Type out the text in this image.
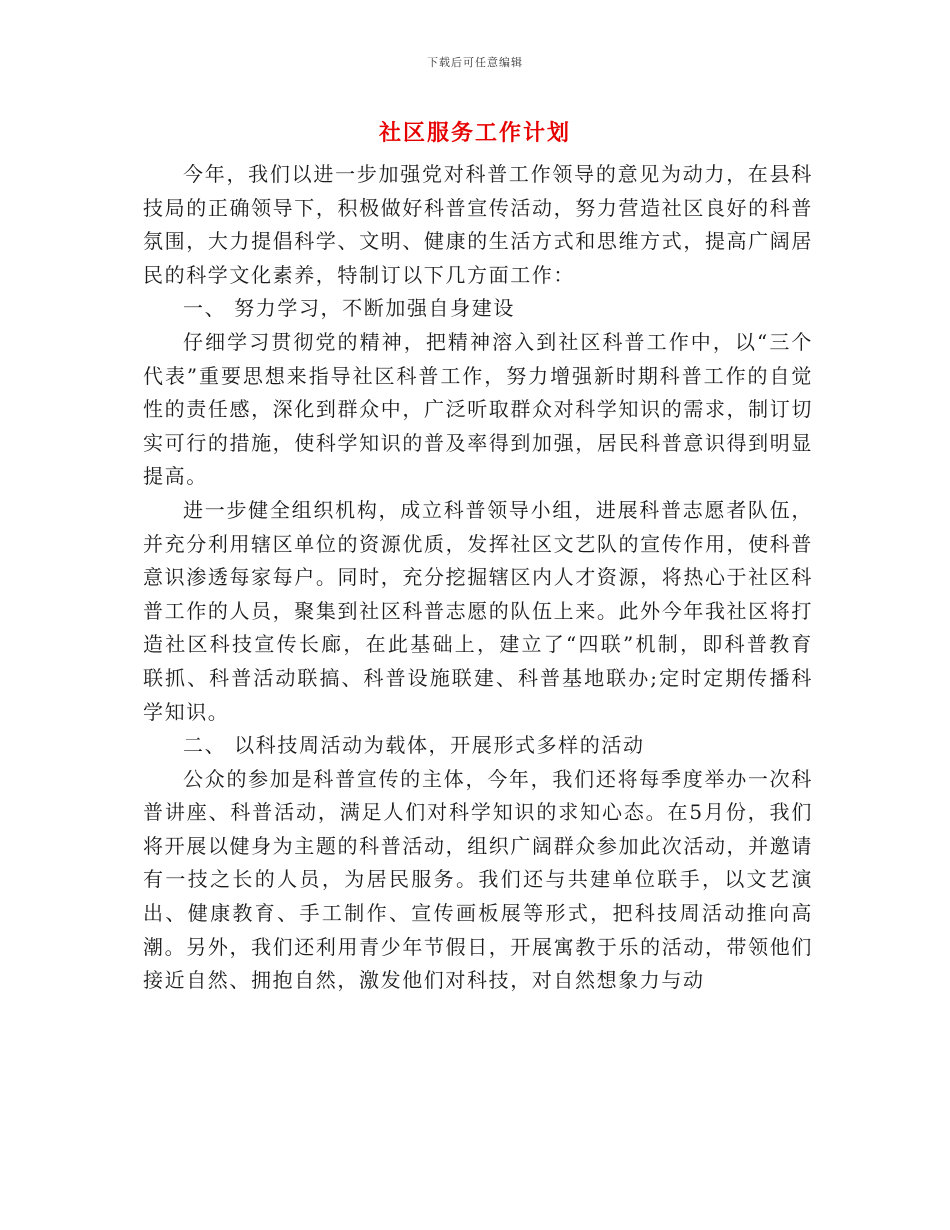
下载后可任意编辑
社区服务工作计划

今年，我们以进一步加强党对科普工作领导的意见为动力，在县科技局的正确领导下，积极做好科普宣传活动，努力营造社区良好的科普氛围，大力提倡科学、文明、健康的生活方式和思维方式，提高广阔居民的科学文化素养，特制订以下几方面工作：

一、 努力学习，不断加强自身建设

仔细学习贯彻党的精神，把精神溶入到社区科普工作中，以“三个代表”重要思想来指导社区科普工作，努力增强新时期科普工作的自觉性的责任感，深化到群众中，广泛听取群众对科学知识的需求，制订切实可行的措施，使科学知识的普及率得到加强，居民科普意识得到明显提高。

进一步健全组织机构，成立科普领导小组，进展科普志愿者队伍，并充分利用辖区单位的资源优质，发挥社区文艺队的宣传作用，使科普意识渗透每家每户。同时，充分挖掘辖区内人才资源，将热心于社区科普工作的人员，聚集到社区科普志愿的队伍上来。此外今年我社区将打造社区科技宣传长廊，在此基础上，建立了“四联”机制，即科普教育联抓、科普活动联搞、科普设施联建、科普基地联办;定时定期传播科学知识。

二、 以科技周活动为载体，开展形式多样的活动

公众的参加是科普宣传的主体，今年，我们还将每季度举办一次科普讲座、科普活动，满足人们对科学知识的求知心态。在5月份，我们将开展以健身为主题的科普活动，组织广阔群众参加此次活动，并邀请有一技之长的人员，为居民服务。我们还与共建单位联手，以文艺演出、健康教育、手工制作、宣传画板展等形式，把科技周活动推向高潮。另外，我们还利用青少年节假日，开展寓教于乐的活动，带领他们接近自然、拥抱自然，激发他们对科技，对自然想象力与动
